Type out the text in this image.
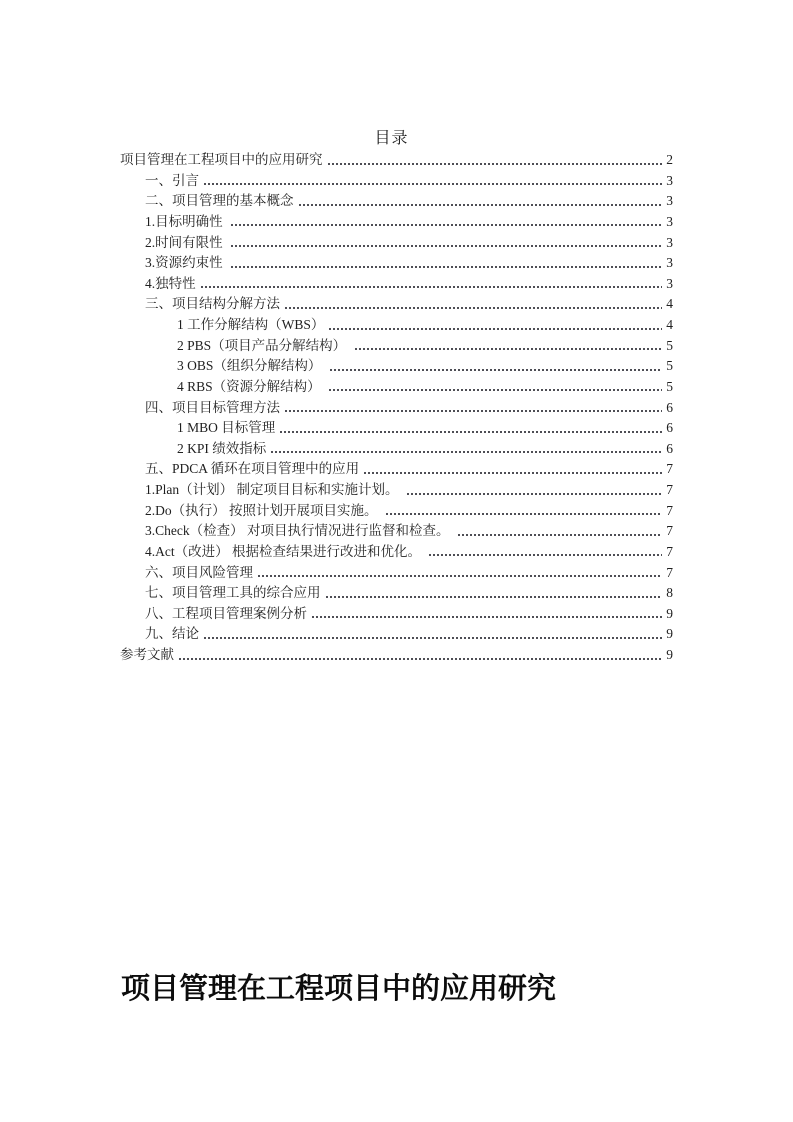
目录
项目管理在工程项目中的应用研究	2
一、引言	3
二、项目管理的基本概念	3
1.目标明确性	3
2.时间有限性	3
3.资源约束性	3
4.独特性	3
三、项目结构分解方法	4
1 工作分解结构（WBS）	4
2 PBS（项目产品分解结构）	5
3 OBS（组织分解结构）	5
4 RBS（资源分解结构）	5
四、项目目标管理方法	6
1 MBO 目标管理	6
2 KPI 绩效指标	6
五、PDCA 循环在项目管理中的应用	7
1.Plan（计划） 制定项目目标和实施计划。	7
2.Do（执行） 按照计划开展项目实施。	7
3.Check（检查） 对项目执行情况进行监督和检查。	7
4.Act（改进） 根据检查结果进行改进和优化。	7
六、项目风险管理	7
七、项目管理工具的综合应用	8
八、工程项目管理案例分析	9
九、结论	9
参考文献	9
项目管理在工程项目中的应用研究
